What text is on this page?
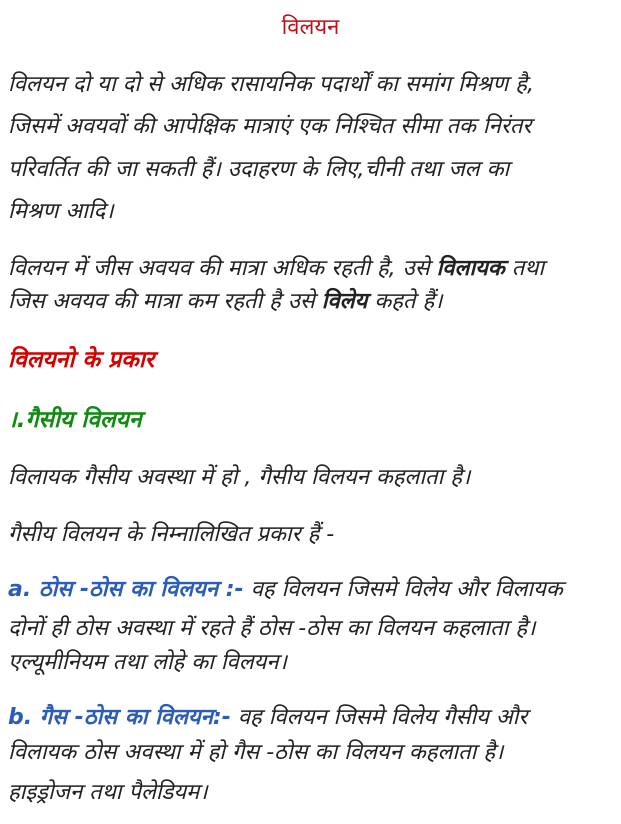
विलयन
विलयन दो या दो से अधिक रासायनिक पदार्थों का समांग मिश्रण है,
जिसमें अवयवों की आपेक्षिक मात्राएं एक निश्चित सीमा तक निरंतर
परिवर्तित की जा सकती हैं। उदाहरण के लिए,चीनी तथा जल का
मिश्रण आदि।
विलयन में जीस अवयव की मात्रा अधिक रहती है, उसे विलायक तथा
जिस अवयव की मात्रा कम रहती है उसे विलेय कहते हैं।
विलयनो के प्रकार
।.गैसीय विलयन
विलायक गैसीय अवस्था में हो , गैसीय विलयन कहलाता है।
गैसीय विलयन के निम्नालिखित प्रकार हैं -
a. ठोस -ठोस का विलयन :- वह विलयन जिसमे विलेय और विलायक
दोनों ही ठोस अवस्था में रहते हैं ठोस -ठोस का विलयन कहलाता है।
एल्यूमीनियम तथा लोहे का विलयन।
b. गैस -ठोस का विलयन:- वह विलयन जिसमे विलेय गैसीय और
विलायक ठोस अवस्था में हो गैस -ठोस का विलयन कहलाता है।
हाइड्रोजन तथा पैलेडियम।
